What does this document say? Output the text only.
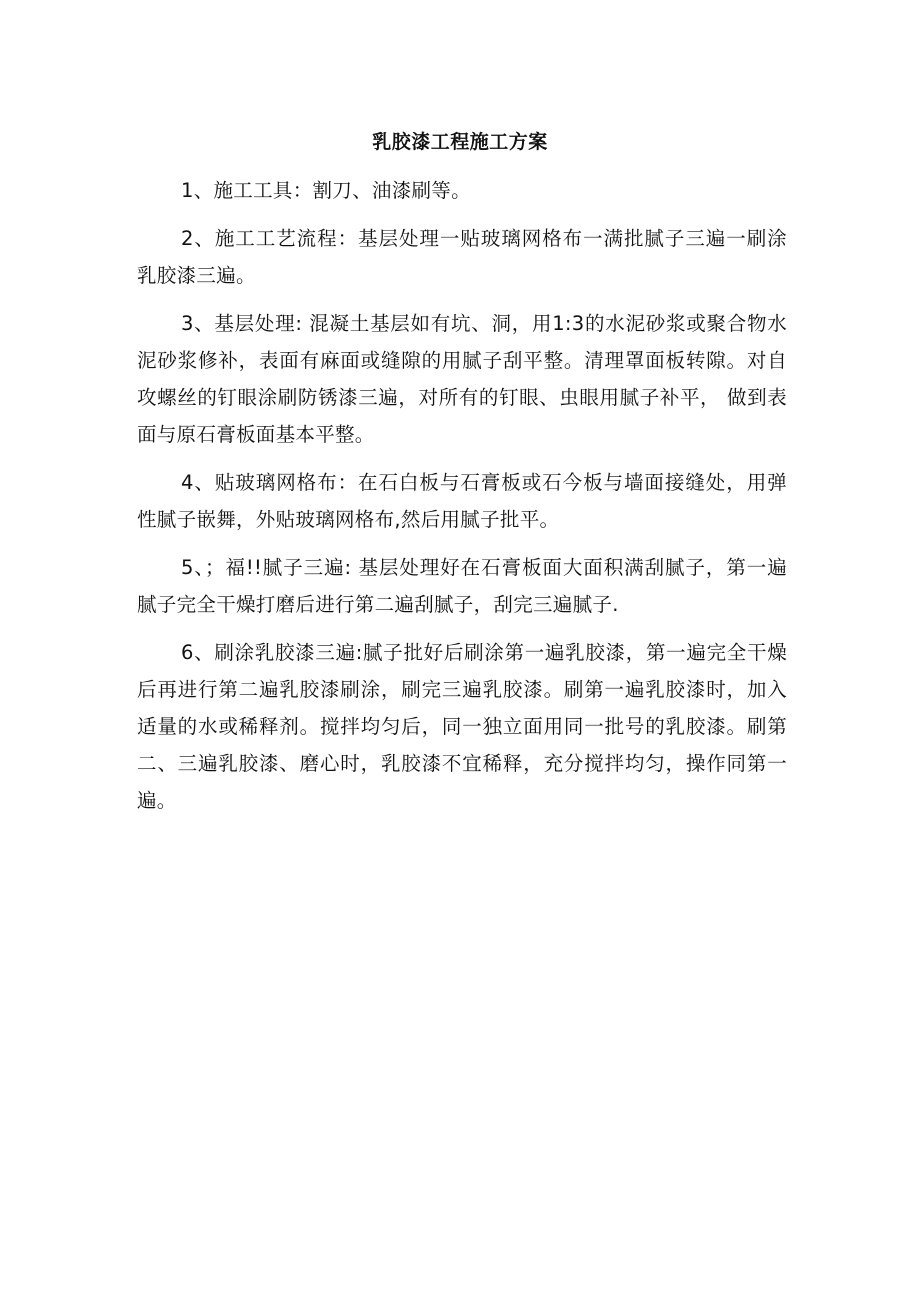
乳胶漆工程施工方案

1、施工工具：割刀、油漆刷等。

2、施工工艺流程：基层处理一贴玻璃网格布一满批腻子三遍一刷涂乳胶漆三遍。

3、基层处理: 混凝土基层如有坑、洞，用1:3的水泥砂浆或聚合物水泥砂浆修补，表面有麻面或缝隙的用腻子刮平整。清理罩面板转隙。对自攻螺丝的钉眼涂刷防锈漆三遍，对所有的钉眼、虫眼用腻子补平， 做到表面与原石膏板面基本平整。

4、贴玻璃网格布：在石白板与石膏板或石今板与墙面接缝处，用弹性腻子嵌舞，外贴玻璃网格布,然后用腻子批平。

5、；福!!腻子三遍: 基层处理好在石膏板面大面积满刮腻子，第一遍腻子完全干燥打磨后进行第二遍刮腻子，刮完三遍腻子.

6、刷涂乳胶漆三遍:腻子批好后刷涂第一遍乳胶漆，第一遍完全干燥后再进行第二遍乳胶漆刷涂，刷完三遍乳胶漆。刷第一遍乳胶漆时，加入适量的水或稀释剂。搅拌均匀后，同一独立面用同一批号的乳胶漆。刷第二、三遍乳胶漆、磨心时，乳胶漆不宜稀释，充分搅拌均匀，操作同第一遍。
